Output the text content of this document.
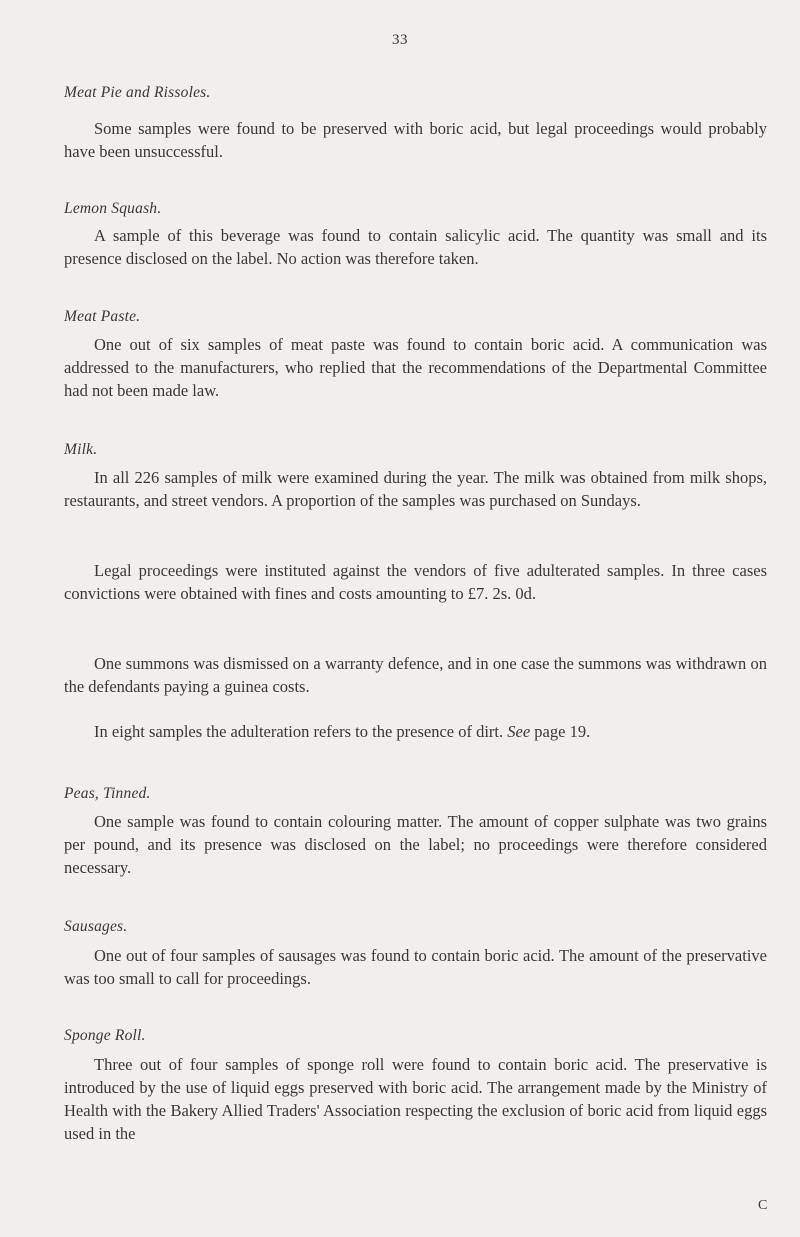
33
Meat Pie and Rissoles.

Some samples were found to be preserved with boric acid, but legal proceedings would probably have been unsuccessful.

Lemon Squash.

A sample of this beverage was found to contain salicylic acid. The quantity was small and its presence disclosed on the label. No action was therefore taken.

Meat Paste.

One out of six samples of meat paste was found to contain boric acid. A communication was addressed to the manufacturers, who replied that the recommendations of the Departmental Committee had not been made law.

Milk.

In all 226 samples of milk were examined during the year. The milk was obtained from milk shops, restaurants, and street vendors. A proportion of the samples was purchased on Sundays.

Legal proceedings were instituted against the vendors of five adulterated samples. In three cases convictions were obtained with fines and costs amounting to £7. 2s. 0d.

One summons was dismissed on a warranty defence, and in one case the summons was withdrawn on the defendants paying a guinea costs.

In eight samples the adulteration refers to the presence of dirt. See page 19.

Peas, Tinned.

One sample was found to contain colouring matter. The amount of copper sulphate was two grains per pound, and its presence was disclosed on the label; no proceedings were therefore considered necessary.

Sausages.

One out of four samples of sausages was found to contain boric acid. The amount of the preservative was too small to call for proceedings.

Sponge Roll.

Three out of four samples of sponge roll were found to contain boric acid. The preservative is introduced by the use of liquid eggs preserved with boric acid. The arrangement made by the Ministry of Health with the Bakery Allied Traders' Association respecting the exclusion of boric acid from liquid eggs used in the

C
